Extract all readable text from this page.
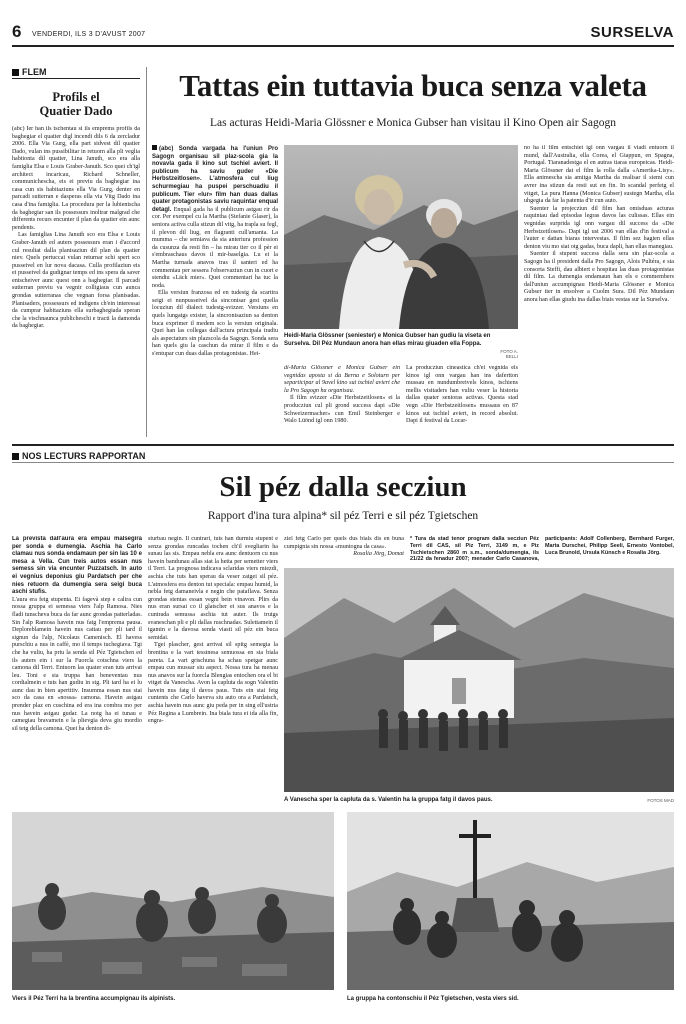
6 VENDERDI, ILS 3 D'AVUST 2007	SURSELVA
FLEM
Profils el
Quatier Dado

(abc) Ier han ils tschentau si ils emprems profils da baghegiar el quatier digl incendi dils 6 da zercladur 2006. Ella Via Gurg, ella part sidvest dil quatier Dado, vulan ins pussibilitar in retuorn alla pli veglia habitonta dil quatier, Lina Januth, sco era alla famiglia Elsa e Louis Graber-Januth. Sco quei ch'igl architect incaricau, Richard Schneller, communichescha, eis ei previu da baghegiar ina casa cun sis habitaziuns ella Via Gurg, denter en parcadi sutterran e dasperas ella via Vitg Dado ina casa d'ina famiglia. La procedura per la lubientscha da baghegiar san ils possessurs inoltrar malgrad che differents recurs encunter il plan da quatier ein aunc pendents.

Las famiglias Lina Januth sco era Elsa e Louis Graber-Januth ed auters possessurs eran i d'accord cul resultat dalla planisaziun dil plan da quatier niev. Quels pertuccai vulan returnar schi spert sco pusseivel en lur nova dacasa. Culla profilaziun eis ei pusseivel da gudignar temps ed ins spera da saver entscheiver aunc quest onn a baghegiar. Il parcadi sutterran previu va vegnir colligiaus cun aunca grondas sutterranas che vegnan forsa planisadas. Planisaders, possessurs ed indigens ch'ein interessai da cumprar habitaziuns ella surbaghegiada speran che la vischnaunca publicheschi e tracti la damonda da baghegiar.

Tattas ein tuttavia buca senza valeta
Las acturas Heidi-Maria Glössner e Monica Gubser han visitau il Kino Open air Sagogn

(abc) Sonda vargada ha l'uniun Pro Sagogn organisau sil plaz-scola gia la novavla gada il kino sut tschiel aviert. Il publicum ha saviu guder «Die Herbstzeitlosen». L'atmosfera cul liug schurmegiau ha puspei perschuadiu il publicum. Tier «lur» film han duas dallas quater protagonistas saviu raquintar enqual detagl. Enqual gada ha il publicum astgau rir da cor. Per exempel cu la Martha (Stefanie Glaser), la seniora activa culla stizun dil vitg, ha trapla su fegl, il plevon dil liug, en flagranti cull'amanta. La mumma – che semiava da sia anteriura profession da cusunza da resti fin – ha mirau tier co il pèr ei s'embraschaus davos il mir-baselgia. Lu ei la Martha turnada anavos tras il santeri ed ha commentau per sessera l'observaziun cun in cuort e stendiu «Läck mier». Quei commentari ha tuc la noda.

Ella versiun franzosa ed en tudestg da scartira seigi ei nunpusseivel da sinconisar gest quella locuziun dil dialect tudestg-svizzer. Versiuns en quels lungatgs exister, la sincronisaziun sa denton buca exprimer il medem sco la versiun originala. Quei han las collegas dall'actura principala tradiu als aspectaturs sin plazscola da Sagogn. Sonda sera han quels giu la caschun da mirar il film e da s'entupar cun duas dallas protagonistas. Hei-

Heidi-Maria Glössner (seniester) e Monica Gubser han gudiu la viseta en Surselva. Dil Péz Mundaun anora han ellas mirau giuaden ella Foppa.
FOTO A. BELLI

di-Maria Glössner e Monica Gubser ein vegnidas aposta si da Berna e Soloturn per separticipar al 9avel kino sut tschiel aviert che la Pro Sagogn ha organisau.

Il film svizzer «Die Herbstzeitlosen» ei la producziun cul pli grond success dapi «Die Schweizermacher» cun Emil Steinberger e Walo Lüönd igl onn 1980.

La producziun cineastica ch'ei vegnida els kinos igl onn vargau han ins dafertton mussau en nundumbreivels kinos, tschiens mellis visitaders han vuliu veser la historia dallas quater senioras activas. Questa stad vegn «Die Herbstzeitlosen» mussaus en 87 kinos sut tschiel aviert, in record absolut. Dapi il festival da Locar-

no ha il film entschiet igl onn vargau il viadi entuorn il mund, dall'Australia, ella Corea, el Giappun, en Spagna, Portugal. Tiaranadestga el en autras tiaras europeicas. Heidi-Maria Glössner dat el film la rolla dalla «Amerika-Lisy». Ella animescha sia amitga Martha da realisar il siemi cun avrer ina stizun da resti sut en fin. In scandal perfetg el vitget, La pura Hanna (Monica Gubser) sustegn Martha, ella uhgegia da far la patenta d'ir cun auto.

Suenter la projecziun dil film han omisduas acturas raquintau dad episodas legras davos las culissas. Ellas ein vegnidas surprida igl onn vargau dil success da «Die Herbstzeitlosen». Dapi igl ust 2006 van ellas d'in festival a l'auter e dattan biaras intervestas. Il film sez hagien ellas denton viu mo siat otg gadas, buca dapli, han ellas manegiau.

Suenter il stupent success dalla sera sin plaz-scola a Sagogn ha il president dalla Pro Sagogn, Alois Pultéra, e sia consorta Steffi, dau albiert e hospitau las duas protagonistas dil film. La dumengia endamaun han els e commembers dall'uniun accumpignau Heidi-Maria Glössner e Monica Gubser tier in ensolver a Cuolm Sura. Dil Pèz Mundaun anora han ellas giudu ina dallas biais vestas sur la Surselva.

NOS LECTURS RAPPORTAN
Sil péz dalla secziun
Rapport d'ina tura alpina* sil péz Terri e sil péz Tgietschen

La prevista dall'aura era empau malsegira per sonda e dumengia. Aschia ha Carlo clamau nus sonda endamaun per sin las 10 e mesa a Vella. Cun treis autos essan nus semess sin via encunter Puzzatsch. In auto ei vegnius deponius giu Pardatsch per che nies retuorn da dumengia sera seigi buca aschi stufis.

L'aura era fetg stupenta. Ei fagevà step e calira cun nossa gruppa ei semessa viers l'alp Ramosa. Nies fladi tunscheva buca da far aunc grondas patterladas. Sin l'alp Ramosa havein nus fatg l'emprema pausa. Deploreblamein havein nus cattau per pli tard il signun da l'alp, Nicolaus Camenisch. El havess purschiu a nus in caffè, mo il temps tuchegiava. Tgi che ha vuliu, ha priu la senda sil Péz Tgietschen ed ils auters ein i sur la Fuorcla cotschna viers la camona dil Terri. Entuorn las quater eran tuts arrivai leu. Toni e sia truppa han beneventau nus cordialmein e tuts han gudiu in stg. Pli tard ha ei lu aunc dau in bien apertitiv. Insumma essan nus stai sco da casa en «nossa» camona. Havein astgau prender plaz en cuschina ed era ina combra mo per nus havein astgau gudar. La notg ha ei tunau e camegiau bravamein e la plievgia deva giu mordio sil tetg della camona. Quei ha denton di-

sturbau negin. Il cuntrari, tuts han durmiu stupent e senza grondas runcadas tochen ch'il svegliarin ha sunau las sis. Empau nebla era aunc dentuorn cu nus havein bandunau allas siat la hetta per semetter viers il Terri. La prognosa indicava sclaridas viers miezdi, aschia che tuts han sperau da veser zatgei sil péz. L'atmosfera era denton tut speciala: empau humid, la nebla fetg damaneivla e negin che pataflava. Senza grondas stentas essan vegni bein vinavon. Plirs da nus eran sursai co il glatscher ei sus anavos e la cuntrada semussa aschia tut auter. Ils trutgs svaneschan pli e pli dallas ruschnadas. Sulettamein il tgamin e la davosa senda viasti sil péz ein buca semidai.

Tgei plascher, gest arrivai sil spitg semegia la brentina e la vart tessinesa semuossa en sia biala pareta. La vart grischuna ha schau spetgar aunc empau cun mussar siu aspect. Nossa tura ha menau nus anavos sur la fuorcla Blengias entochen ora el bi vitget da Vanescha. Avon la capluta da sogn Valentin havein nus fatg il davos paus. Tuts ein stai fetg cuntents che Carlo haveva siu auto ora a Pardatsch, aschia havein nus aunc giu peda per in sing ell'ustria Péz Regina a Lumbrein. Ina biala tura ei ida alla fin, engra-

ziel fetg Carlo per quels dus bials dis en buna cumpignia sin nossa «muntogna da casa».

Rosalia Jörg, Domat

* Tura da stad tenor program dalla secziun Péz Terri dil CAS, sil Piz Terri, 3149 m, e Piz Tschietschen 2860 m s.m., sonda/dumengia, ils 21/22 da fenadur 2007; menader Carlo Casanova, participants: Adolf Collenberg, Bernhard Furger, Marta Durschei, Philipp Seeli, Ernesto Vontobel, Luca Brunold, Ursula Künsch e Rosalia Jörg.
A Vanescha sper la capluta da s. Valentin ha la gruppa fatg il davos paus.	FOTOS MAD
Viers il Péz Terri ha la brentina accumpignau ils alpinists.	La gruppa ha contonschiu il Péz Tgietschen, vesta viers sid.
